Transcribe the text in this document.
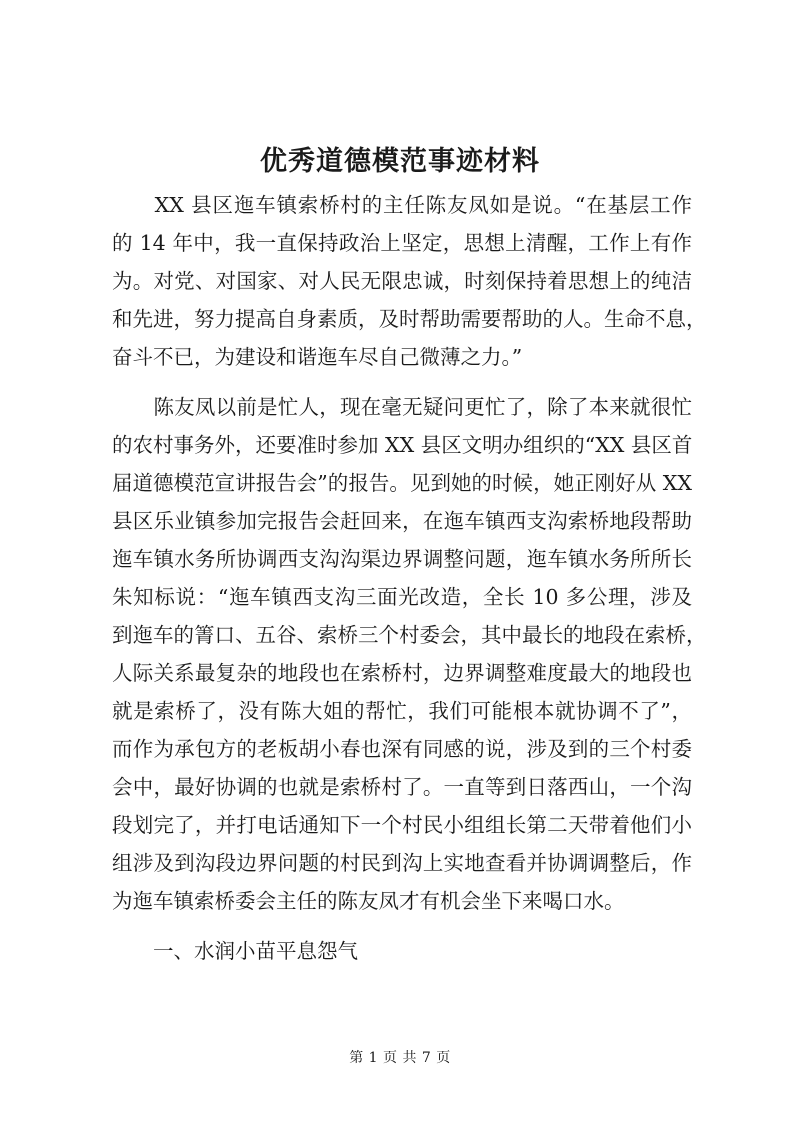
优秀道德模范事迹材料
　　XX 县区迤车镇索桥村的主任陈友凤如是说。“在基层工作
的 14 年中，我一直保持政治上坚定，思想上清醒，工作上有作
为。对党、对国家、对人民无限忠诚，时刻保持着思想上的纯洁
和先进，努力提高自身素质，及时帮助需要帮助的人。生命不息，
奋斗不已，为建设和谐迤车尽自己微薄之力。”
　　陈友凤以前是忙人，现在毫无疑问更忙了，除了本来就很忙
的农村事务外，还要准时参加 XX 县区文明办组织的“XX 县区首
届道德模范宣讲报告会”的报告。见到她的时候，她正刚好从 XX
县区乐业镇参加完报告会赶回来，在迤车镇西支沟索桥地段帮助
迤车镇水务所协调西支沟沟渠边界调整问题，迤车镇水务所所长
朱知标说：“迤车镇西支沟三面光改造，全长 10 多公理，涉及
到迤车的箐口、五谷、索桥三个村委会，其中最长的地段在索桥，
人际关系最复杂的地段也在索桥村，边界调整难度最大的地段也
就是索桥了，没有陈大姐的帮忙，我们可能根本就协调不了”，
而作为承包方的老板胡小春也深有同感的说，涉及到的三个村委
会中，最好协调的也就是索桥村了。一直等到日落西山，一个沟
段划完了，并打电话通知下一个村民小组组长第二天带着他们小
组涉及到沟段边界问题的村民到沟上实地查看并协调调整后，作
为迤车镇索桥委会主任的陈友凤才有机会坐下来喝口水。
　　一、水润小苗平息怨气
第 1 页 共 7 页
